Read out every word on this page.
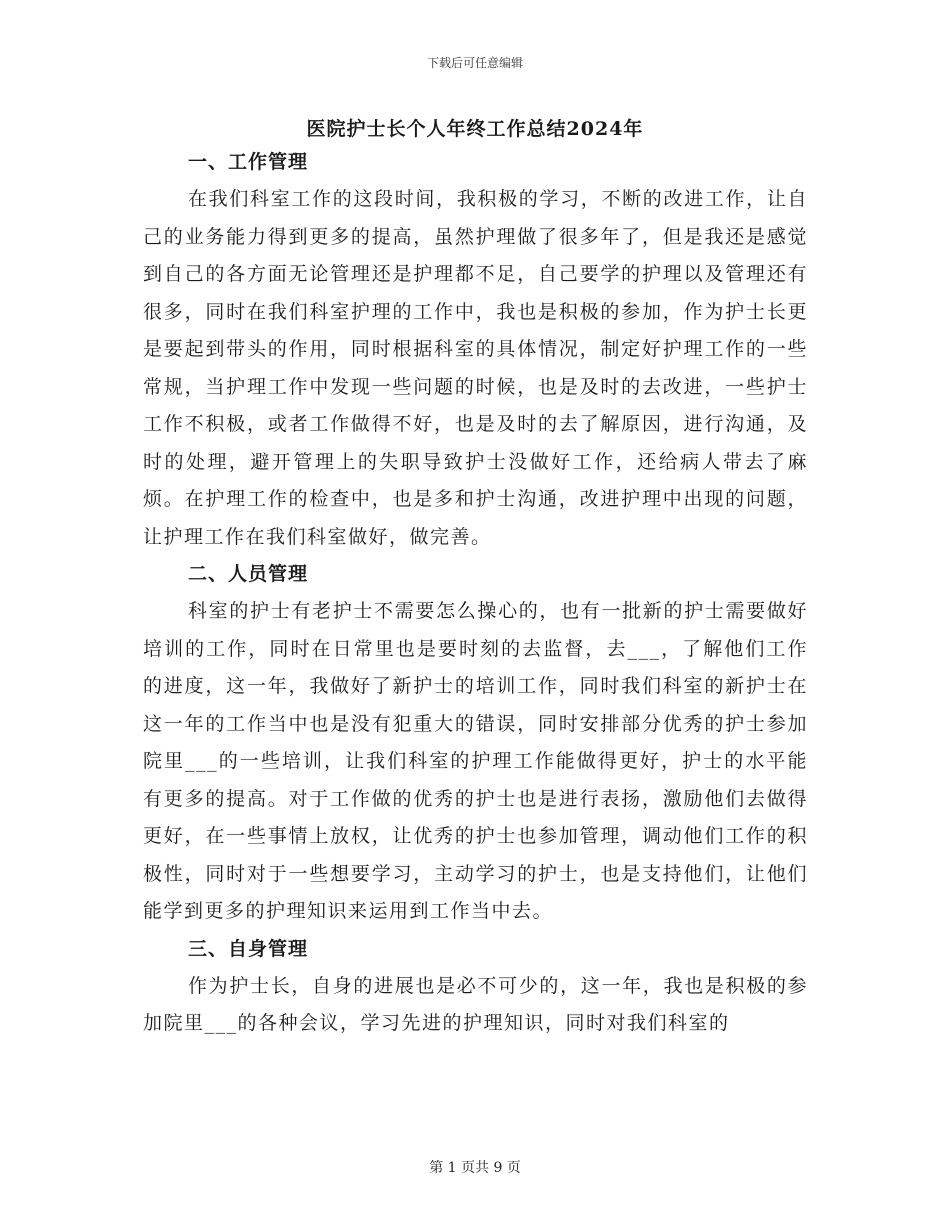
下载后可任意编辑
医院护士长个人年终工作总结2024年

一、工作管理

在我们科室工作的这段时间，我积极的学习，不断的改进工作，让自己的业务能力得到更多的提高，虽然护理做了很多年了，但是我还是感觉到自己的各方面无论管理还是护理都不足，自己要学的护理以及管理还有很多，同时在我们科室护理的工作中，我也是积极的参加，作为护士长更是要起到带头的作用，同时根据科室的具体情况，制定好护理工作的一些常规，当护理工作中发现一些问题的时候，也是及时的去改进，一些护士工作不积极，或者工作做得不好，也是及时的去了解原因，进行沟通，及时的处理，避开管理上的失职导致护士没做好工作，还给病人带去了麻烦。在护理工作的检查中，也是多和护士沟通，改进护理中出现的问题，让护理工作在我们科室做好，做完善。

二、人员管理

科室的护士有老护士不需要怎么操心的，也有一批新的护士需要做好培训的工作，同时在日常里也是要时刻的去监督，去___，了解他们工作的进度，这一年，我做好了新护士的培训工作，同时我们科室的新护士在这一年的工作当中也是没有犯重大的错误，同时安排部分优秀的护士参加院里___的一些培训，让我们科室的护理工作能做得更好，护士的水平能有更多的提高。对于工作做的优秀的护士也是进行表扬，激励他们去做得更好，在一些事情上放权，让优秀的护士也参加管理，调动他们工作的积极性，同时对于一些想要学习，主动学习的护士，也是支持他们，让他们能学到更多的护理知识来运用到工作当中去。

三、自身管理

作为护士长，自身的进展也是必不可少的，这一年，我也是积极的参加院里___的各种会议，学习先进的护理知识，同时对我们科室的

第 1 页共 9 页
